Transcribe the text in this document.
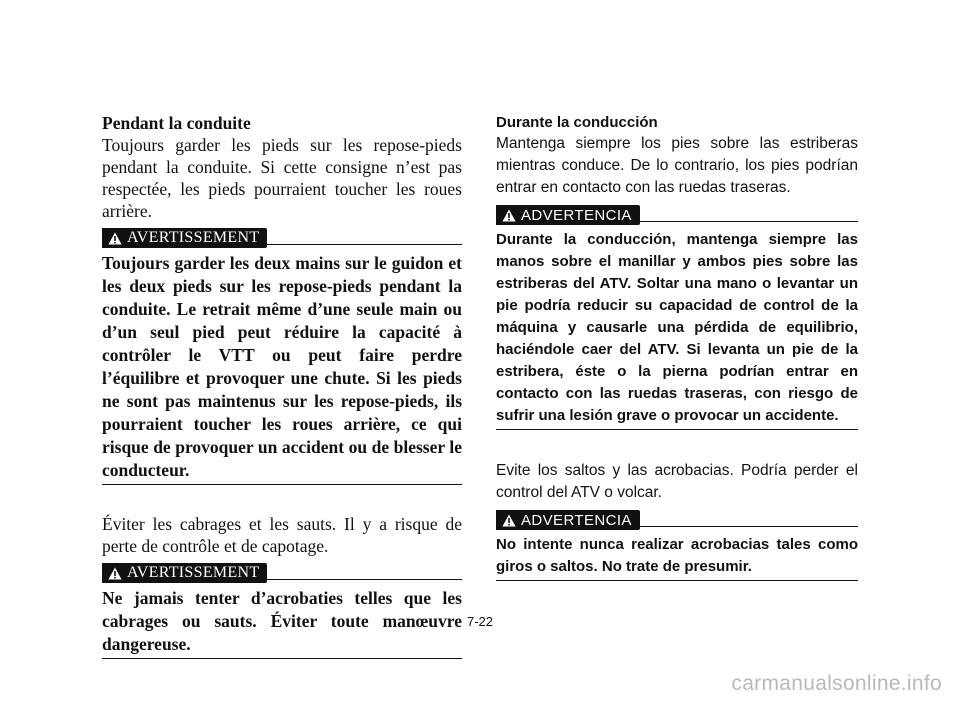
Pendant la conduite

Toujours garder les pieds sur les repose-pieds pendant la conduite. Si cette consigne n’est pas respectée, les pieds pourraient toucher les roues arrière.

AVERTISSEMENT

Toujours garder les deux mains sur le guidon et les deux pieds sur les repose-pieds pendant la conduite. Le retrait même d’une seule main ou d’un seul pied peut réduire la capacité à contrôler le VTT ou peut faire perdre l’équilibre et provoquer une chute. Si les pieds ne sont pas maintenus sur les repose-pieds, ils pourraient toucher les roues arrière, ce qui risque de provoquer un accident ou de blesser le conducteur.

Éviter les cabrages et les sauts. Il y a risque de perte de contrôle et de capotage.

AVERTISSEMENT

Ne jamais tenter d’acrobaties telles que les cabrages ou sauts. Éviter toute manœuvre dangereuse.

Durante la conducción

Mantenga siempre los pies sobre las estriberas mientras conduce. De lo contrario, los pies podrían entrar en contacto con las ruedas traseras.

ADVERTENCIA

Durante la conducción, mantenga siempre las manos sobre el manillar y ambos pies sobre las estriberas del ATV. Soltar una mano o levantar un pie podría reducir su capacidad de control de la máquina y causarle una pérdida de equilibrio, haciéndole caer del ATV. Si levanta un pie de la estribera, éste o la pierna podrían entrar en contacto con las ruedas traseras, con riesgo de sufrir una lesión grave o provocar un accidente.

Evite los saltos y las acrobacias. Podría perder el control del ATV o volcar.

ADVERTENCIA

No intente nunca realizar acrobacias tales como giros o saltos. No trate de presumir.

7-22
carmanualsonline.info
